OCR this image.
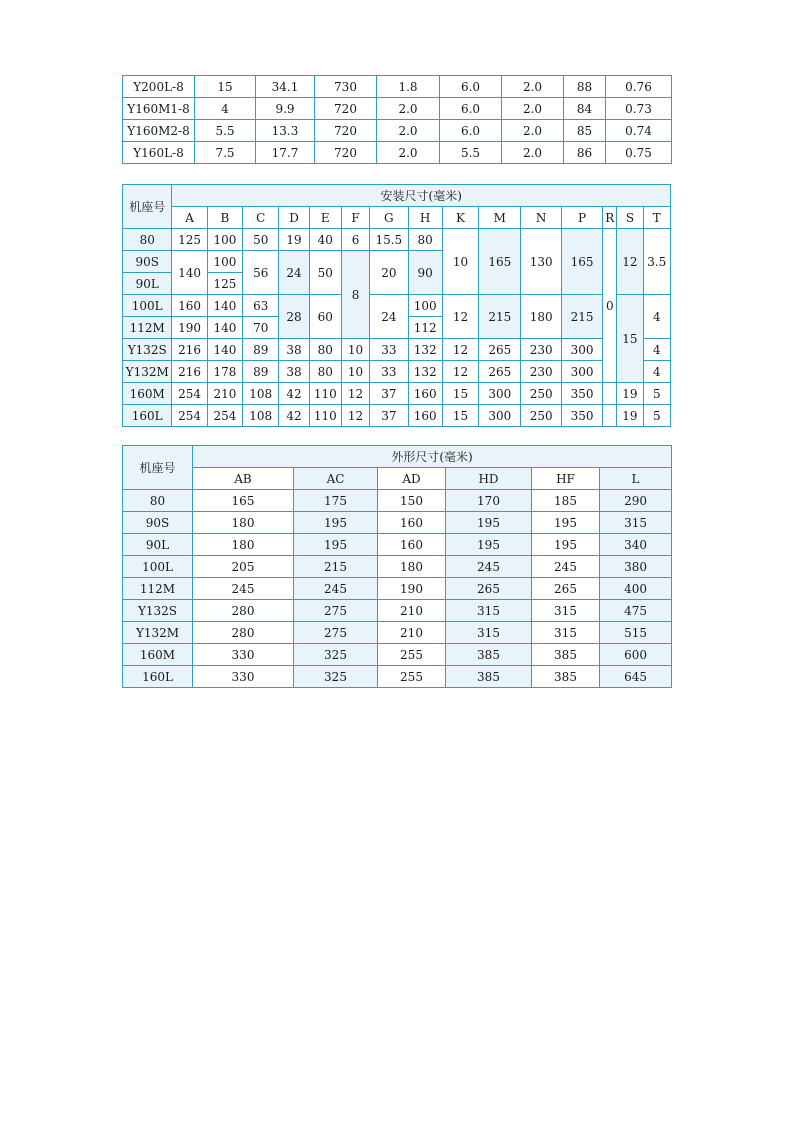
Y200L-8	15	34.1	730	1.8	6.0	2.0	88	0.76
Y160M1-8	4	9.9	720	2.0	6.0	2.0	84	0.73
Y160M2-8	5.5	13.3	720	2.0	6.0	2.0	85	0.74
Y160L-8	7.5	17.7	720	2.0	5.5	2.0	86	0.75
机座号	安装尺寸(毫米)														
	A	B	C	D	E	F	G	H	K	M	N	P	R	S	T
80	125	100	50	19	40	6	15.5	80	10	165	130	165	0	12	3.5
90S	140	100	56	24	50	8	20	90							
90L		125													
100L	160	140	63	28	60		24	100	12	215	180	215		15	4
112M	190	140	70					112							
Y132S	216	140	89	38	80	10	33	132	12	265	230	300			4
Y132M	216	178	89	38	80	10	33	132	12	265	230	300			4
160M	254	210	108	42	110	12	37	160	15	300	250	350		19	5
160L	254	254	108	42	110	12	37	160	15	300	250	350		19	5
机座号	外形尺寸(毫米)					
	AB	AC	AD	HD	HF	L
80	165	175	150	170	185	290
90S	180	195	160	195	195	315
90L	180	195	160	195	195	340
100L	205	215	180	245	245	380
112M	245	245	190	265	265	400
Y132S	280	275	210	315	315	475
Y132M	280	275	210	315	315	515
160M	330	325	255	385	385	600
160L	330	325	255	385	385	645
